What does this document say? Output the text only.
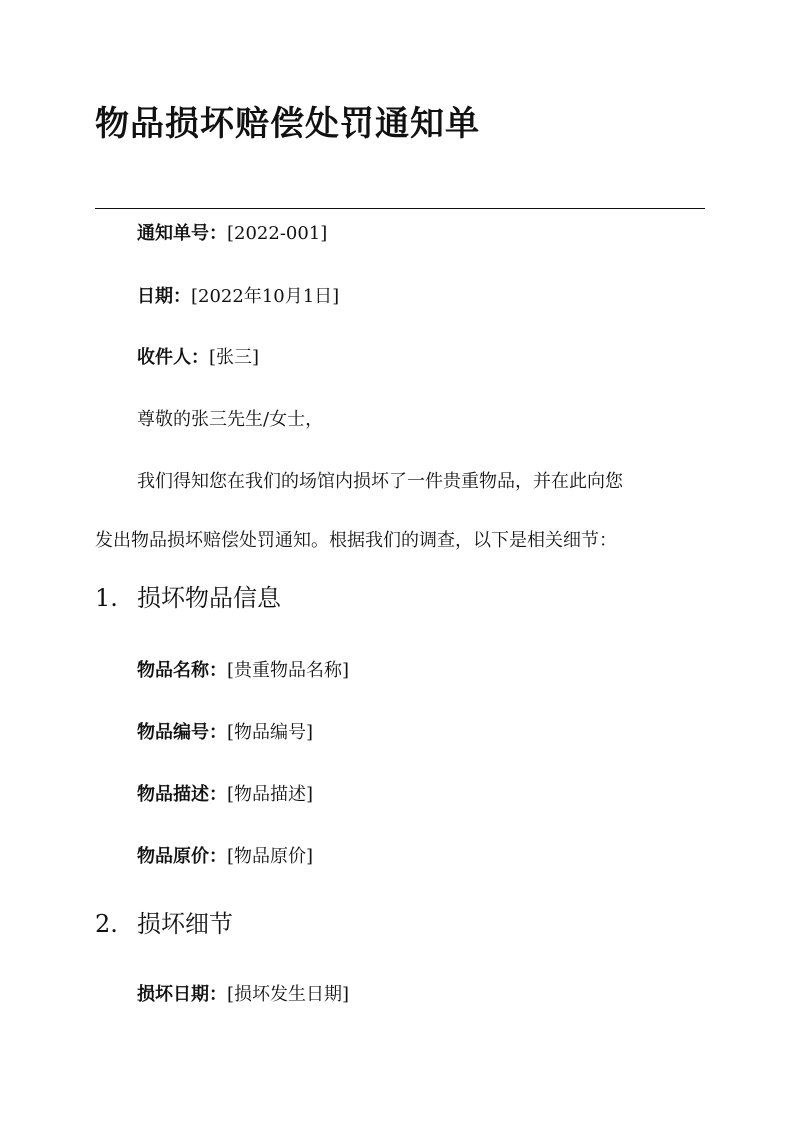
物品损坏赔偿处罚通知单
通知单号：[2022-001]
日期：[2022年10月1日]
收件人：[张三]
尊敬的张三先生/女士，
我们得知您在我们的场馆内损坏了一件贵重物品，并在此向您
发出物品损坏赔偿处罚通知。根据我们的调查，以下是相关细节：
1. 损坏物品信息
物品名称：[贵重物品名称]
物品编号：[物品编号]
物品描述：[物品描述]
物品原价：[物品原价]
2. 损坏细节
损坏日期：[损坏发生日期]
